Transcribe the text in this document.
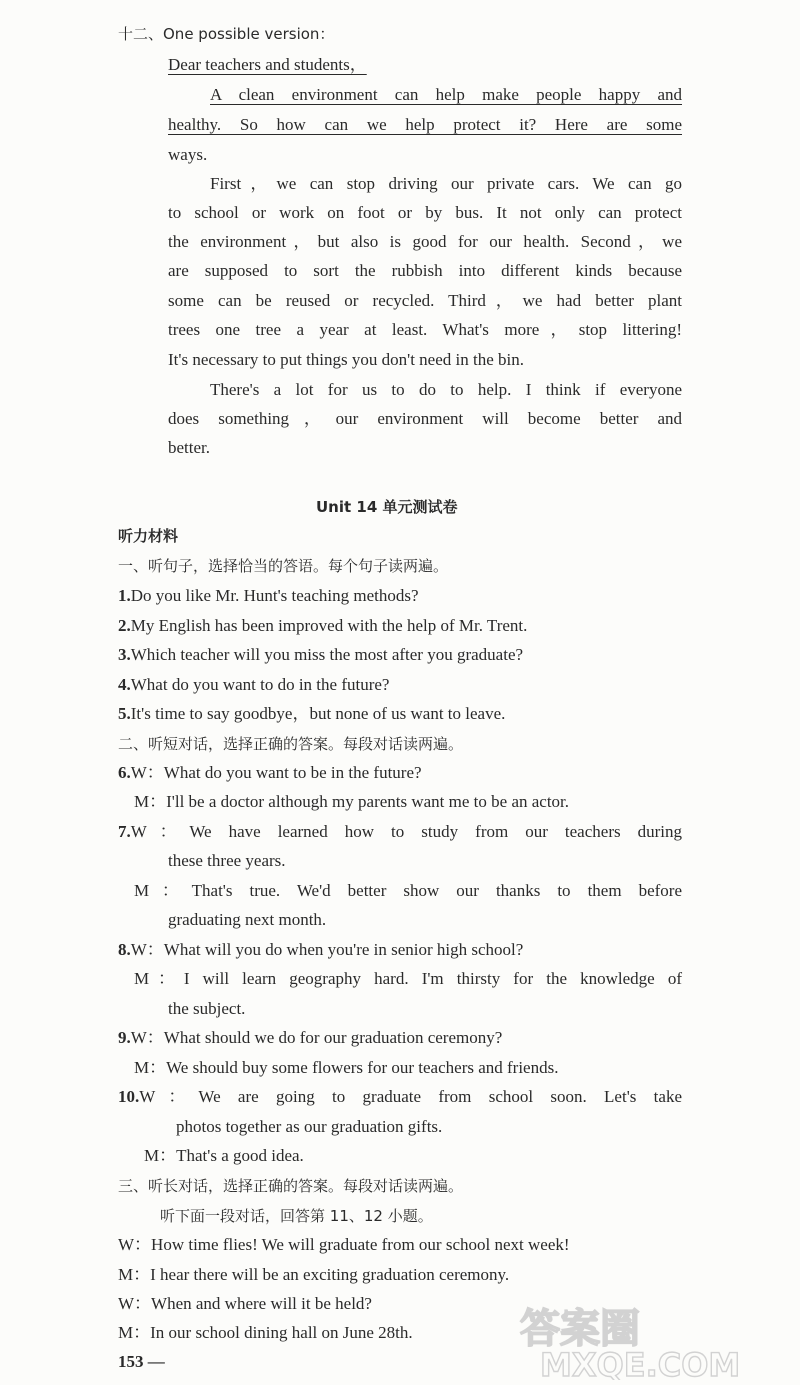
十二、One possible version：
Dear teachers and students，
A clean environment can help make people happy and
healthy. So how can we help protect it? Here are some
ways.
First，we can stop driving our private cars. We can go
to school or work on foot or by bus. It not only can protect
the environment，but also is good for our health. Second，we
are supposed to sort the rubbish into different kinds because
some can be reused or recycled. Third，we had better plant
trees one tree a year at least. What's more，stop littering!
It's necessary to put things you don't need in the bin.
There's a lot for us to do to help. I think if everyone
does something，our environment will become better and
better.
Unit 14 单元测试卷
听力材料
一、听句子，选择恰当的答语。每个句子读两遍。
1.Do you like Mr. Hunt's teaching methods?
2.My English has been improved with the help of Mr. Trent.
3.Which teacher will you miss the most after you graduate?
4.What do you want to do in the future?
5.It's time to say goodbye，but none of us want to leave.
二、听短对话，选择正确的答案。每段对话读两遍。
6.W：What do you want to be in the future?
M：I'll be a doctor although my parents want me to be an actor.
7.W：We have learned how to study from our teachers during
these three years.
M：That's true. We'd better show our thanks to them before
graduating next month.
8.W：What will you do when you're in senior high school?
M：I will learn geography hard. I'm thirsty for the knowledge of
the subject.
9.W：What should we do for our graduation ceremony?
M：We should buy some flowers for our teachers and friends.
10.W：We are going to graduate from school soon. Let's take
photos together as our graduation gifts.
M：That's a good idea.
三、听长对话，选择正确的答案。每段对话读两遍。
听下面一段对话，回答第 11、12 小题。
W：How time flies! We will graduate from our school next week!
M：I hear there will be an exciting graduation ceremony.
W：When and where will it be held?
M：In our school dining hall on June 28th.
153 —
答案圈
MXQE.COM
